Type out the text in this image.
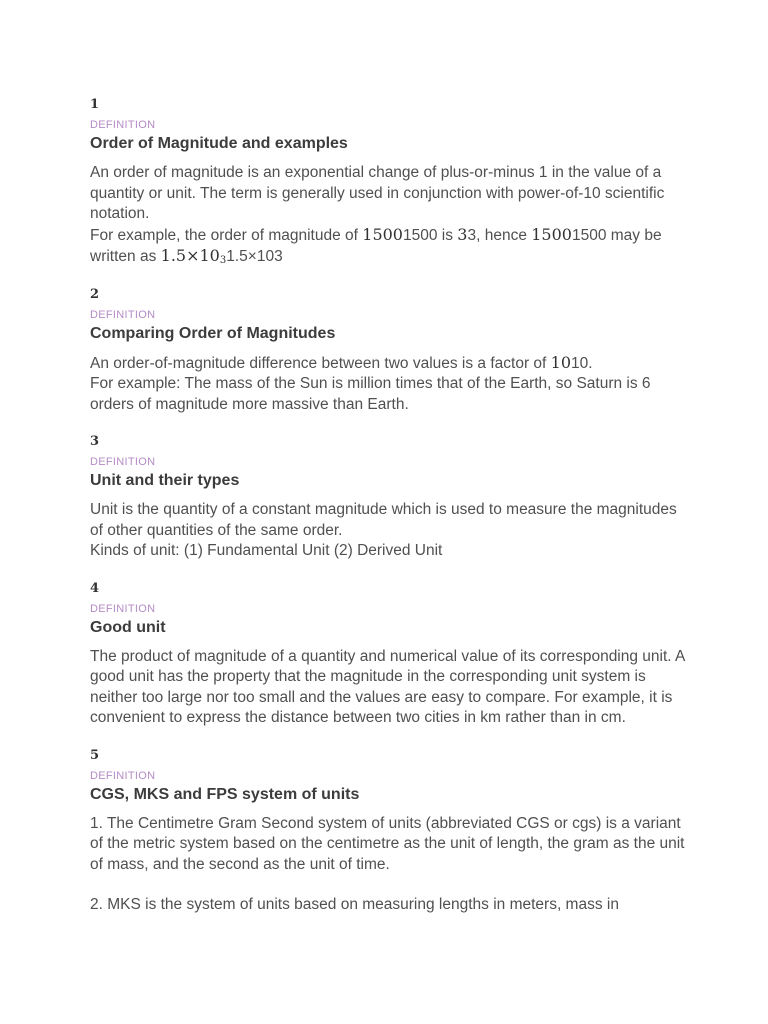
1
DEFINITION
Order of Magnitude and examples

An order of magnitude is an exponential change of plus-or-minus 1 in the value of a quantity or unit. The term is generally used in conjunction with power-of-10 scientific notation.

For example, the order of magnitude of 15001500 is 33, hence 15001500 may be written as $1.5\times 10^31.5\times 103$

2
DEFINITION
Comparing Order of Magnitudes

An order-of-magnitude difference between two values is a factor of 1010.

For example: The mass of the Sun is million times that of the Earth, so Saturn is 6 orders of magnitude more massive than Earth.

3
DEFINITION
Unit and their types

Unit is the quantity of a constant magnitude which is used to measure the magnitudes of other quantities of the same order.

Kinds of unit: (1) Fundamental Unit (2) Derived Unit

4
DEFINITION
Good unit

The product of magnitude of a quantity and numerical value of its corresponding unit. A good unit has the property that the magnitude in the corresponding unit system is neither too large nor too small and the values are easy to compare. For example, it is convenient to express the distance between two cities in km rather than in cm.

5
DEFINITION
CGS, MKS and FPS system of units

1. The Centimetre Gram Second system of units (abbreviated CGS or cgs) is a variant of the metric system based on the centimetre as the unit of length, the gram as the unit of mass, and the second as the unit of time.

2. MKS is the system of units based on measuring lengths in meters, mass in
